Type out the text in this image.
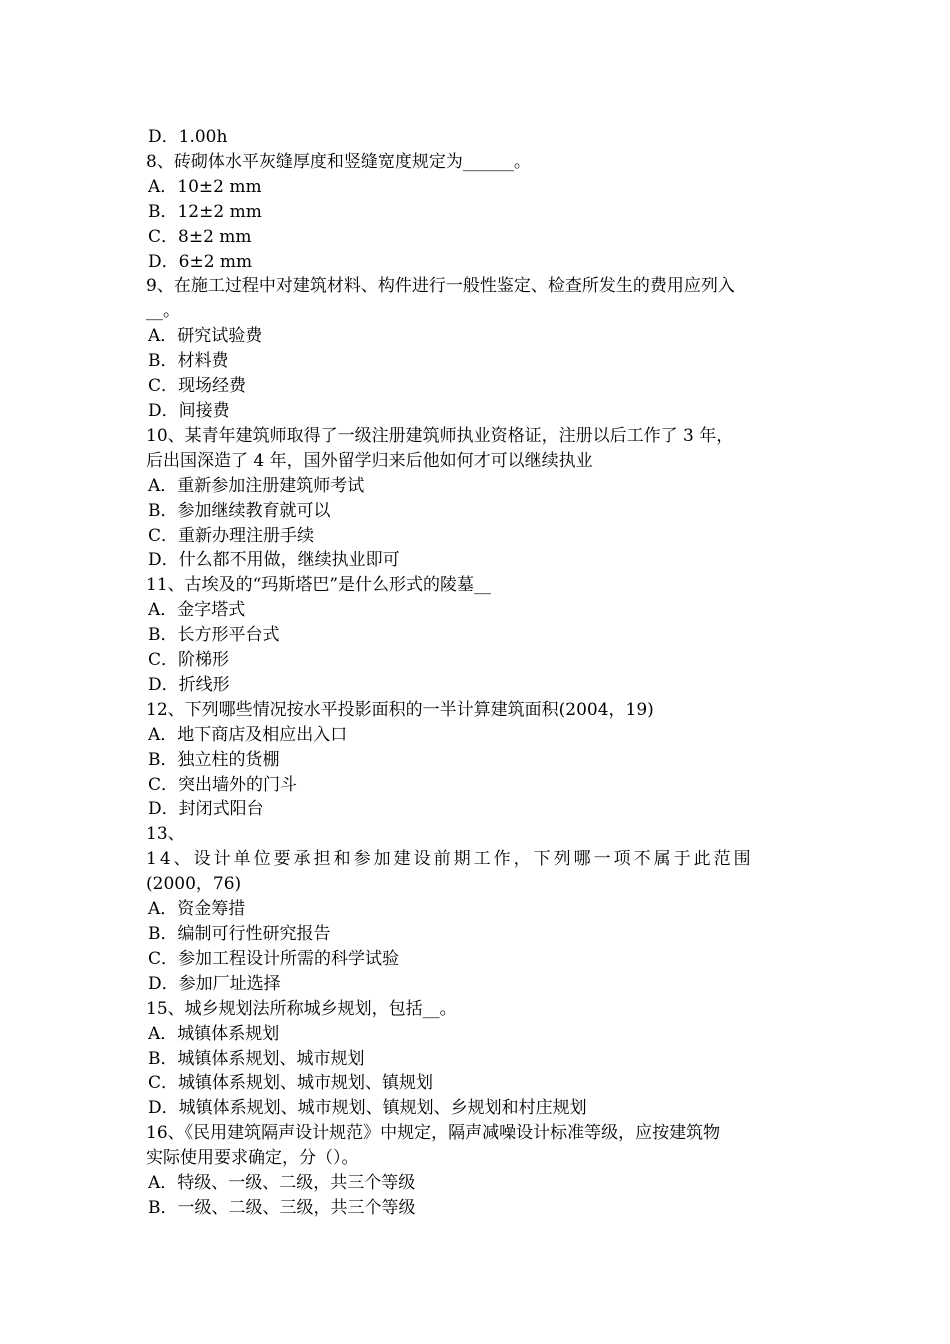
D．1.00h
8、砖砌体水平灰缝厚度和竖缝宽度规定为______。
A．10±2 mm
B．12±2 mm
C．8±2 mm
D．6±2 mm
9、在施工过程中对建筑材料、构件进行一般性鉴定、检查所发生的费用应列入
__。
A．研究试验费
B．材料费
C．现场经费
D．间接费
10、某青年建筑师取得了一级注册建筑师执业资格证，注册以后工作了 3 年，
后出国深造了 4 年，国外留学归来后他如何才可以继续执业
A．重新参加注册建筑师考试
B．参加继续教育就可以
C．重新办理注册手续
D．什么都不用做，继续执业即可
11、古埃及的“玛斯塔巴”是什么形式的陵墓__
A．金字塔式
B．长方形平台式
C．阶梯形
D．折线形
12、下列哪些情况按水平投影面积的一半计算建筑面积(2004，19)
A．地下商店及相应出入口
B．独立柱的货棚
C．突出墙外的门斗
D．封闭式阳台
13、
14、设计单位要承担和参加建设前期工作，下列哪一项不属于此范围
(2000，76)
A．资金筹措
B．编制可行性研究报告
C．参加工程设计所需的科学试验
D．参加厂址选择
15、城乡规划法所称城乡规划，包括__。
A．城镇体系规划
B．城镇体系规划、城市规划
C．城镇体系规划、城市规划、镇规划
D．城镇体系规划、城市规划、镇规划、乡规划和村庄规划
16、《民用建筑隔声设计规范》中规定，隔声减噪设计标准等级，应按建筑物
实际使用要求确定，分（）。
A．特级、一级、二级，共三个等级
B．一级、二级、三级，共三个等级
